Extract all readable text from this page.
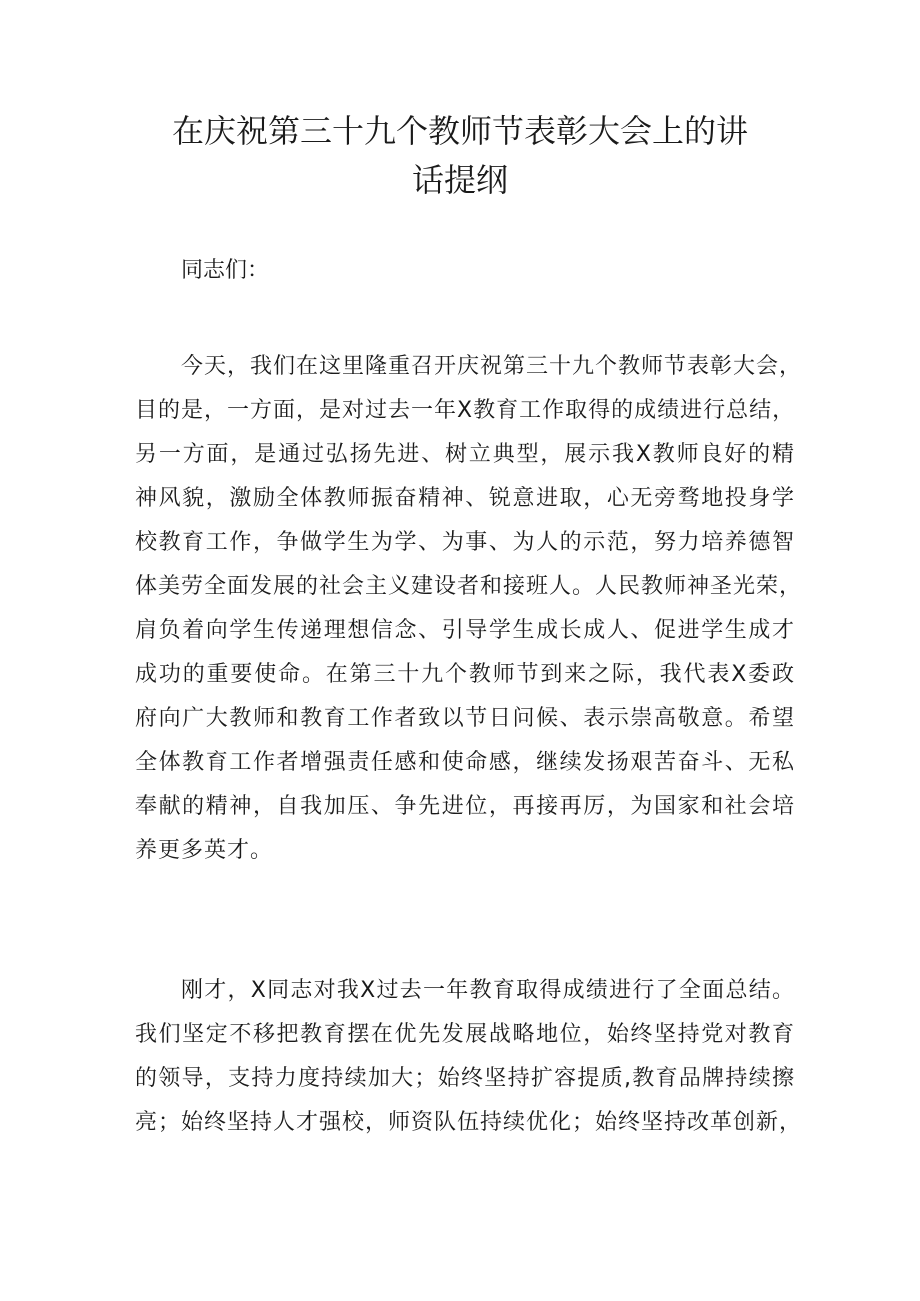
在庆祝第三十九个教师节表彰大会上的讲
话提纲
同志们：
今天，我们在这里隆重召开庆祝第三十九个教师节表彰大会，
目的是，一方面，是对过去一年X教育工作取得的成绩进行总结，
另一方面，是通过弘扬先进、树立典型，展示我X教师良好的精
神风貌，激励全体教师振奋精神、锐意进取，心无旁骛地投身学
校教育工作，争做学生为学、为事、为人的示范，努力培养德智
体美劳全面发展的社会主义建设者和接班人。人民教师神圣光荣，
肩负着向学生传递理想信念、引导学生成长成人、促进学生成才
成功的重要使命。在第三十九个教师节到来之际，我代表X委政
府向广大教师和教育工作者致以节日问候、表示崇高敬意。希望
全体教育工作者增强责任感和使命感，继续发扬艰苦奋斗、无私
奉献的精神，自我加压、争先进位，再接再厉，为国家和社会培
养更多英才。
刚才，X同志对我X过去一年教育取得成绩进行了全面总结。
我们坚定不移把教育摆在优先发展战略地位，始终坚持党对教育
的领导，支持力度持续加大；始终坚持扩容提质,教育品牌持续擦
亮；始终坚持人才强校，师资队伍持续优化；始终坚持改革创新，
